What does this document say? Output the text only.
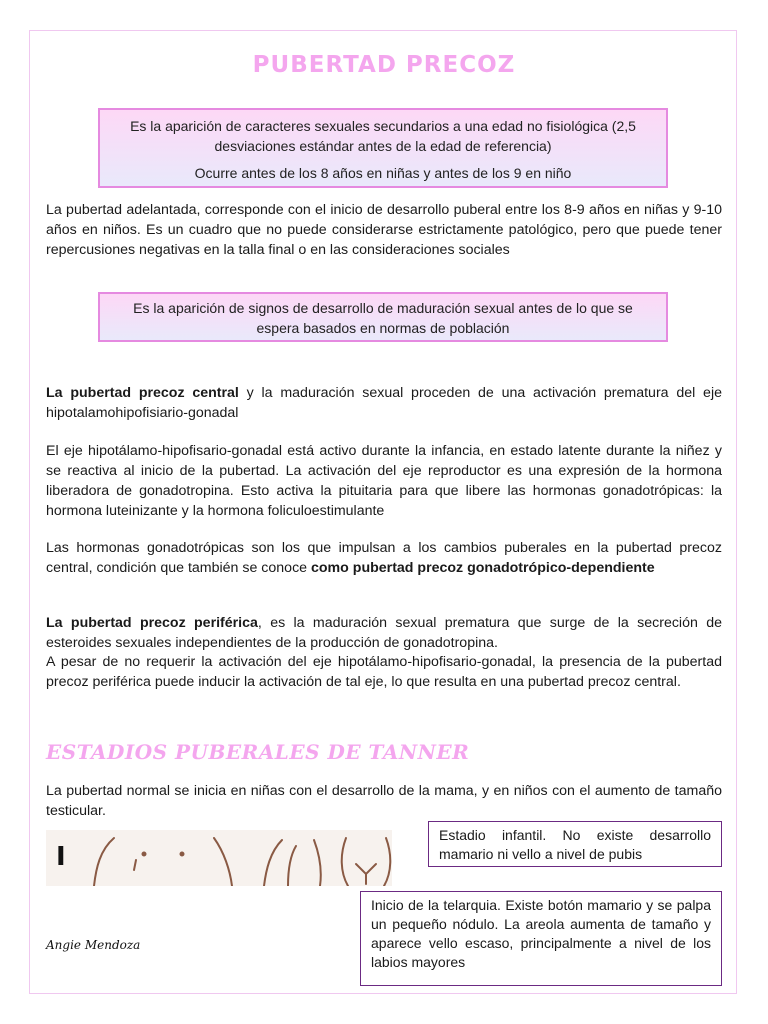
PUBERTAD PRECOZ

Es la aparición de caracteres sexuales secundarios a una edad no fisiológica (2,5 desviaciones estándar antes de la edad de referencia)

Ocurre antes de los 8 años en niñas y antes de los 9 en niño

La pubertad adelantada, corresponde con el inicio de desarrollo puberal entre los 8-9 años en niñas y 9-10 años en niños. Es un cuadro que no puede considerarse estrictamente patológico, pero que puede tener repercusiones negativas en la talla final o en las consideraciones sociales

Es la aparición de signos de desarrollo de maduración sexual antes de lo que se espera basados en normas de población

La pubertad precoz central y la maduración sexual proceden de una activación prematura del eje hipotalamohipofisiario-gonadal

El eje hipotálamo-hipofisario-gonadal está activo durante la infancia, en estado latente durante la niñez y se reactiva al inicio de la pubertad. La activación del eje reproductor es una expresión de la hormona liberadora de gonadotropina. Esto activa la pituitaria para que libere las hormonas gonadotrópicas: la hormona luteinizante y la hormona foliculoestimulante

Las hormonas gonadotrópicas son los que impulsan a los cambios puberales en la pubertad precoz central, condición que también se conoce como pubertad precoz gonadotrópico-dependiente

La pubertad precoz periférica, es la maduración sexual prematura que surge de la secreción de esteroides sexuales independientes de la producción de gonadotropina.

A pesar de no requerir la activación del eje hipotálamo-hipofisario-gonadal, la presencia de la pubertad precoz periférica puede inducir la activación de tal eje, lo que resulta en una pubertad precoz central.

ESTADIOS PUBERALES DE TANNER

La pubertad normal se inicia en niñas con el desarrollo de la mama, y en niños con el aumento de tamaño testicular.

I
Estadio infantil. No existe desarrollo mamario ni vello a nivel de pubis
Inicio de la telarquia. Existe botón mamario y se palpa un pequeño nódulo. La areola aumenta de tamaño y aparece vello escaso, principalmente a nivel de los labios mayores
Angie Mendoza
